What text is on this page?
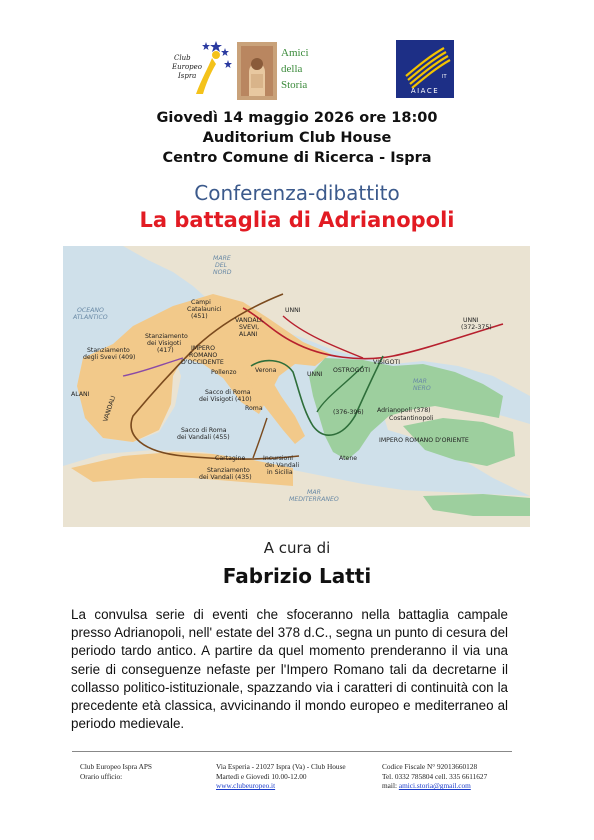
Club
Europeo
Ispra
Amici
della
Storia
IT
AIACE
Giovedì 14 maggio 2026 ore 18:00
Auditorium Club House
Centro Comune di Ricerca - Ispra
Conferenza-dibattito
La battaglia di Adrianopoli
MARE
DEL
NORD
OCEANO
ATLANTICO
Campi
Catalaunici
(451)
VANDALI,
SVEVI,
ALANI
UNNI
UNNI
(372-375)
Stanziamento
dei Visigoti
(417)	IMPERO
ROMANO
D'OCCIDENTE
Stanziamento
degli Svevi (409)
Pollenzo	Verona
UNNI
OSTROGOTI
VISIGOTI
MAR
NERO
ALANI
VANDALI
Sacco di Roma
dei Visigoti (410)
Roma
(376-396) Adrianopoli (378)
Costantinopoli
IMPERO ROMANO D'ORIENTE
Sacco di Roma
dei Vandali (455)
Cartagine
Stanziamento
dei Vandali (435)
Incursioni
dei Vandali
in Sicilia
MAR
MEDITERRANEO
Atene
A cura di
Fabrizio Latti
La convulsa serie di eventi che sfoceranno nella battaglia campale presso Adrianopoli, nell' estate del 378 d.C., segna un punto di cesura del periodo tardo antico. A partire da quel momento prenderanno il via una serie di conseguenze nefaste per l'Impero Romano tali da decretarne il collasso politico-istituzionale, spazzando via i caratteri di continuità con la precedente età classica, avvicinando il mondo europeo e mediterraneo al periodo medievale.
Club Europeo Ispra APS
Orario ufficio:
Via Esperia - 21027 Ispra (Va) - Club House
Martedì e Giovedì 10.00-12.00
www.clubeuropeo.it
Codice Fiscale N° 92013660128
Tel. 0332 785804 cell. 335 6611627
mail: amici.storia@gmail.com
